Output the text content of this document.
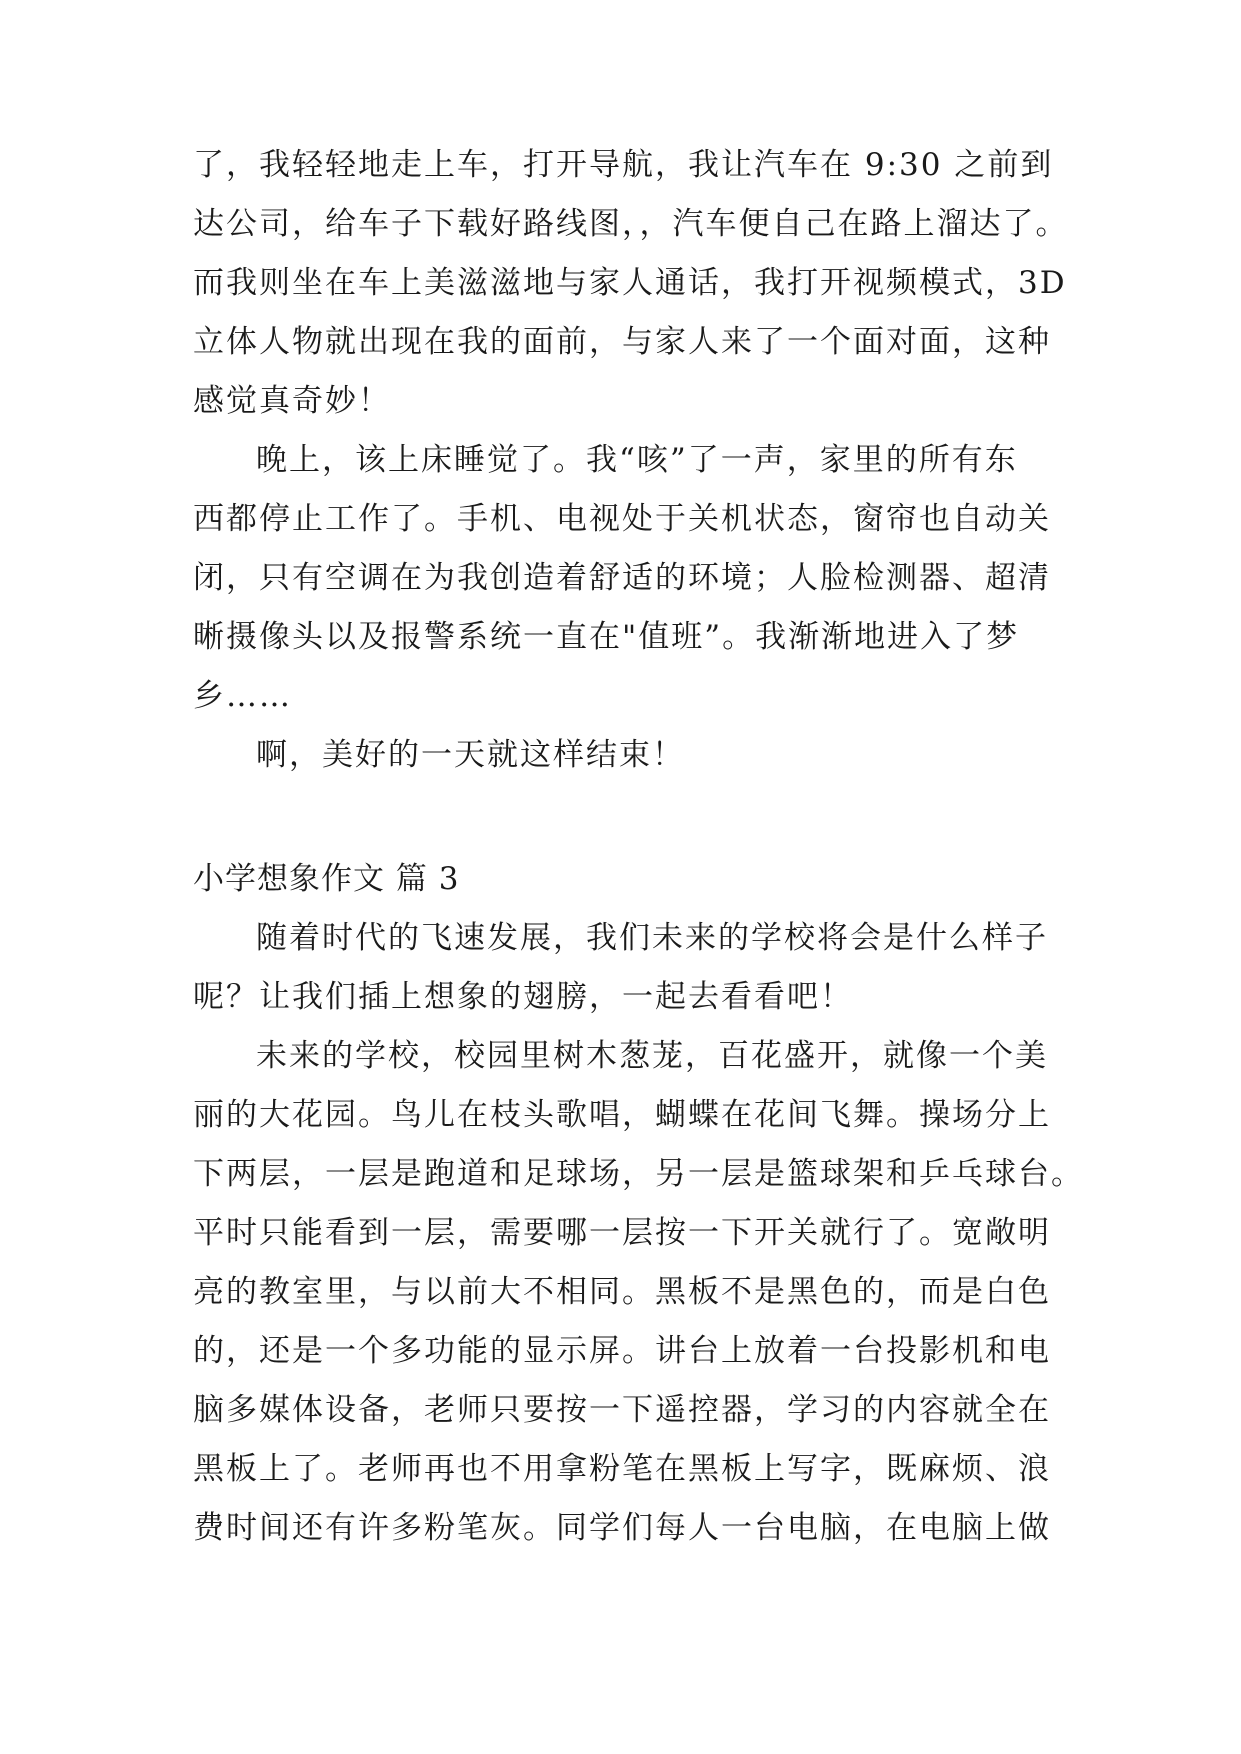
了，我轻轻地走上车，打开导航，我让汽车在 9:30 之前到
达公司，给车子下载好路线图，，汽车便自己在路上溜达了。
而我则坐在车上美滋滋地与家人通话，我打开视频模式，3D
立体人物就出现在我的面前，与家人来了一个面对面，这种
感觉真奇妙！
晚上，该上床睡觉了。我“咳”了一声，家里的所有东
西都停止工作了。手机、电视处于关机状态，窗帘也自动关
闭，只有空调在为我创造着舒适的环境；人脸检测器、超清
晰摄像头以及报警系统一直在"值班”。我渐渐地进入了梦
乡……
啊，美好的一天就这样结束！
小学想象作文 篇 3
随着时代的飞速发展，我们未来的学校将会是什么样子
呢？让我们插上想象的翅膀，一起去看看吧！
未来的学校，校园里树木葱茏，百花盛开，就像一个美
丽的大花园。鸟儿在枝头歌唱，蝴蝶在花间飞舞。操场分上
下两层，一层是跑道和足球场，另一层是篮球架和乒乓球台。
平时只能看到一层，需要哪一层按一下开关就行了。宽敞明
亮的教室里，与以前大不相同。黑板不是黑色的，而是白色
的，还是一个多功能的显示屏。讲台上放着一台投影机和电
脑多媒体设备，老师只要按一下遥控器，学习的内容就全在
黑板上了。老师再也不用拿粉笔在黑板上写字，既麻烦、浪
费时间还有许多粉笔灰。同学们每人一台电脑，在电脑上做
